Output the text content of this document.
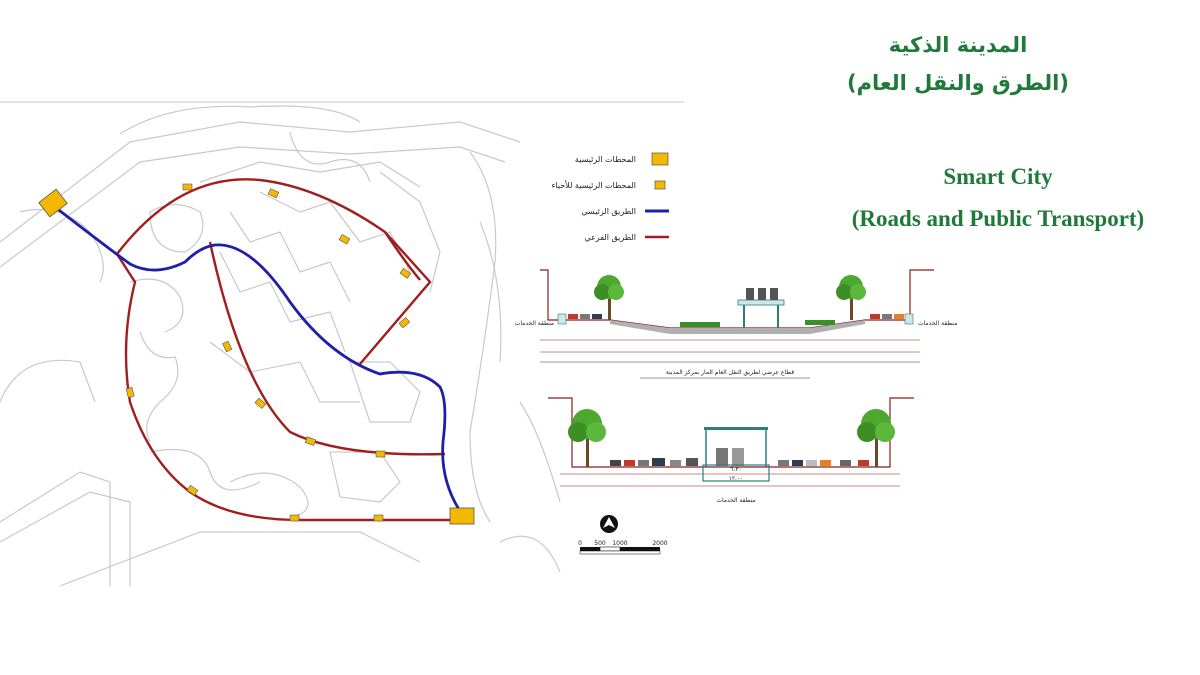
المدينة الذكية
(الطرق والنقل العام)
Smart City
(Roads and Public Transport)
المحطات الرئيسية
المحطات الرئيسية للأحياء
الطريق الرئيسي
الطريق الفرعي
منطقة الخدمات	منطقة الخدمات
قطاع عرضي لطريق النقل العام المار بمركز المدينة
٦.٣٠
١٢.٠٠
منطقة الخدمات
0 500 1000	2000
